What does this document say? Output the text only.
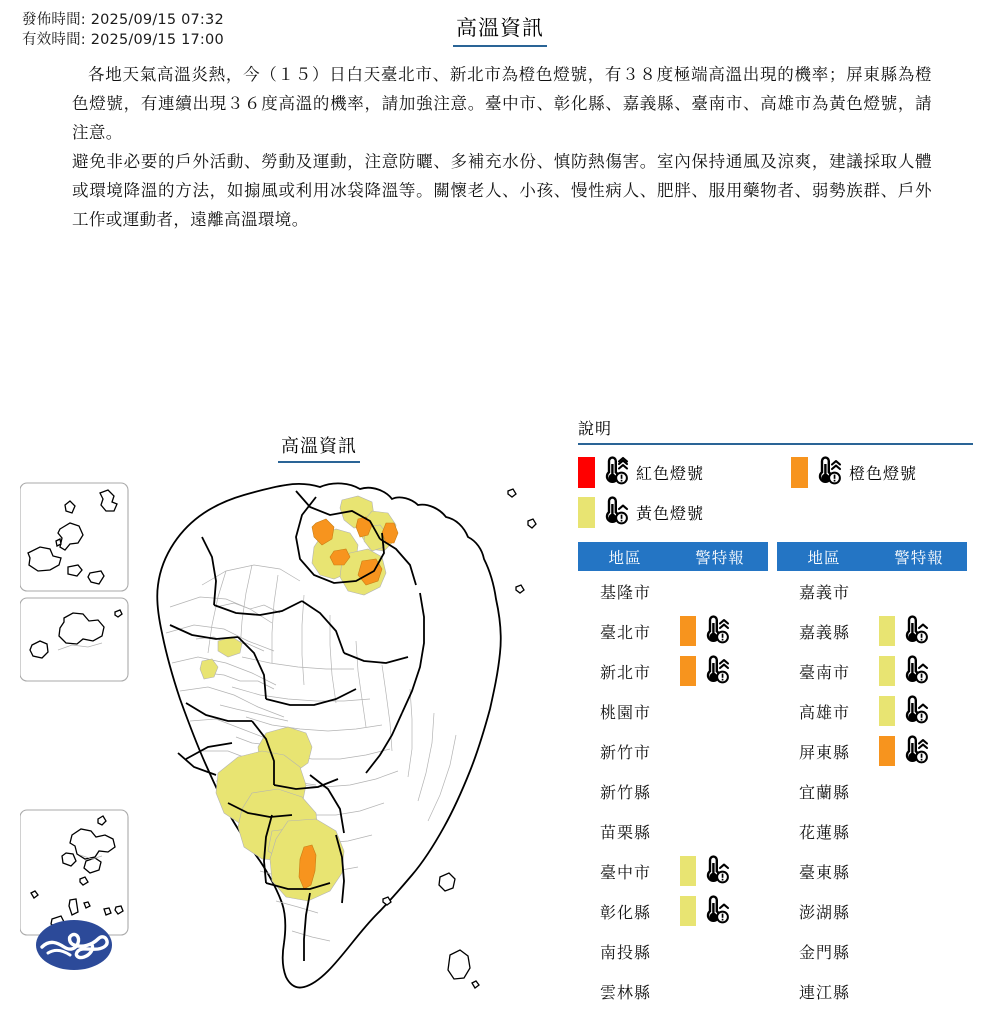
發佈時間: 2025/09/15 07:32
有效時間: 2025/09/15 17:00	高溫資訊

各地天氣高溫炎熱，今（１５）日白天臺北市、新北市為橙色燈號，有３８度極端高溫出現的機率；屏東縣為橙色燈號，有連續出現３６度高溫的機率，請加強注意。臺中市、彰化縣、嘉義縣、臺南市、高雄市為黃色燈號，請注意。

避免非必要的戶外活動、勞動及運動，注意防曬、多補充水份、慎防熱傷害。室內保持通風及涼爽，建議採取人體或環境降溫的方法，如搧風或利用冰袋降溫等。關懷老人、小孩、慢性病人、肥胖、服用藥物者、弱勢族群、戶外工作或運動者，遠離高溫環境。

高溫資訊
說明
紅色燈號	橙色燈號
黃色燈號
地區	警特報
基隆市	
臺北市	

新北市	

桃園市	
新竹市	
新竹縣	
苗栗縣	
臺中市	

彰化縣	

南投縣	
雲林縣	
地區	警特報
嘉義市	
嘉義縣	

臺南市	

高雄市	

屏東縣	

宜蘭縣	
花蓮縣	
臺東縣	
澎湖縣	
金門縣	
連江縣	
